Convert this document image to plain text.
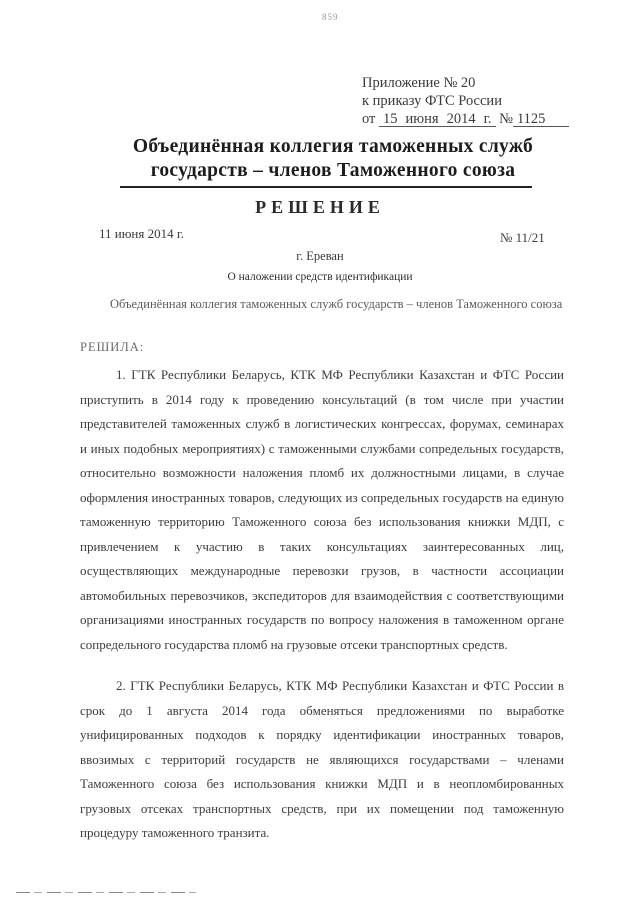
859
Приложение № 20
к приказу ФТС России
от 15 июня 2014 г. № 1125
Объединённая коллегия таможенных служб
государств – членов Таможенного союза
РЕШЕНИЕ
11 июня 2014 г.	№ 11/21
г. Ереван
О наложении средств идентификации
Объединённая коллегия таможенных служб государств – членов Таможенного союза
РЕШИЛА:
1. ГТК Республики Беларусь, КТК МФ Республики Казахстан и ФТС России приступить в 2014 году к проведению консультаций (в том числе при участии представителей таможенных служб в логистических конгрессах, форумах, семинарах и иных подобных мероприятиях) с таможенными службами сопредельных государств, относительно возможности наложения пломб их должностными лицами, в случае оформления иностранных товаров, следующих из сопредельных государств на единую таможенную территорию Таможенного союза без использования книжки МДП, с привлечением к участию в таких консультациях заинтересованных лиц, осуществляющих международные перевозки грузов, в частности ассоциации автомобильных перевозчиков, экспедиторов для взаимодействия с соответствующими организациями иностранных государств по вопросу наложения в таможенном органе сопредельного государства пломб на грузовые отсеки транспортных средств.
2. ГТК Республики Беларусь, КТК МФ Республики Казахстан и ФТС России в срок до 1 августа 2014 года обменяться предложениями по выработке унифицированных подходов к порядку идентификации иностранных товаров, ввозимых с территорий государств не являющихся государствами – членами Таможенного союза без использования книжки МДП и в неопломбированных грузовых отсеках транспортных средств, при их помещении под таможенную процедуру таможенного транзита.
